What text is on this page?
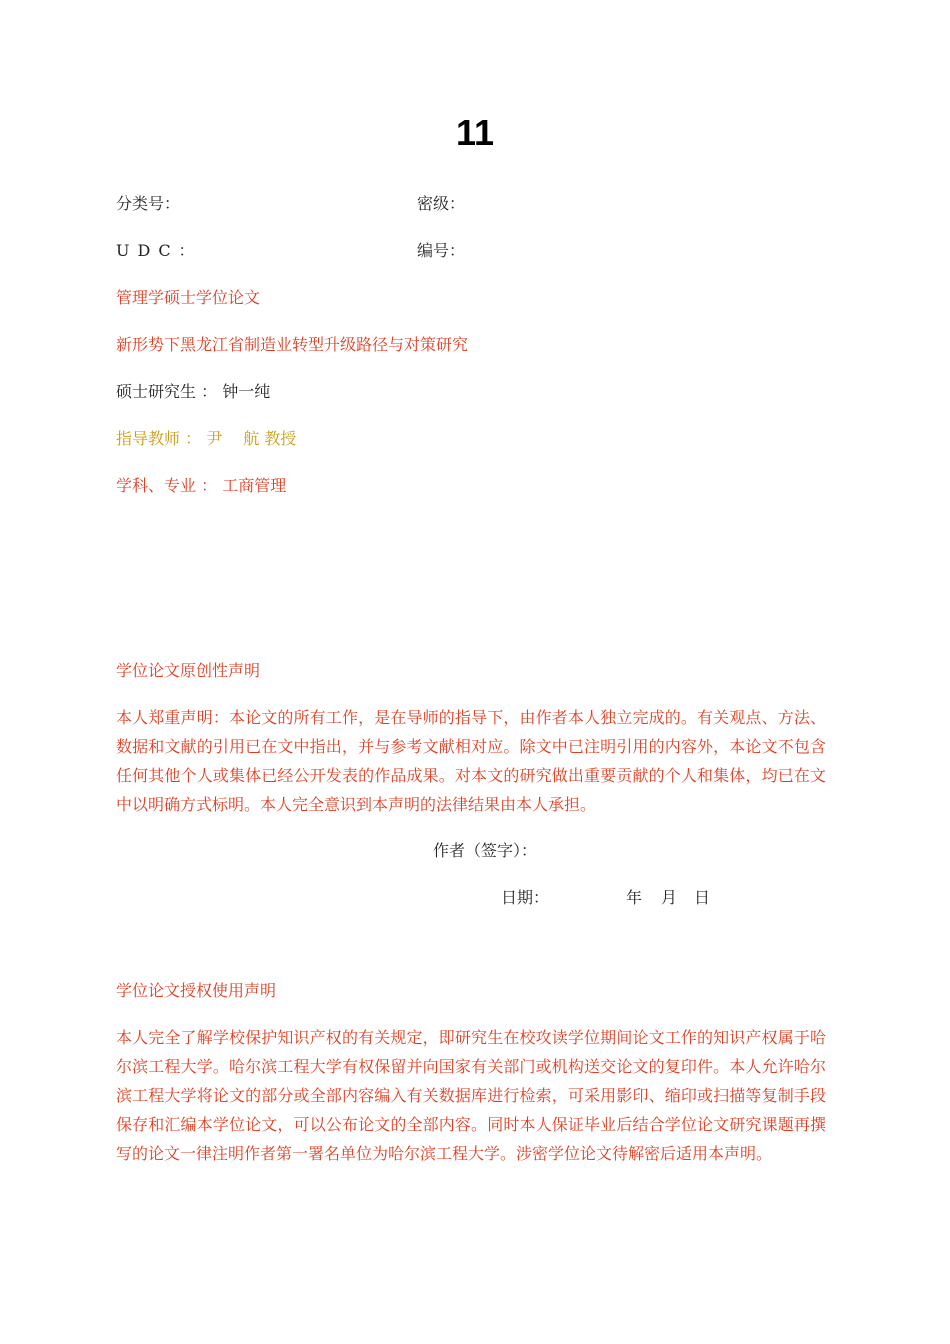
11
分类号：	密级：
UDC：	编号：
管理学硕士学位论文
新形势下黑龙江省制造业转型升级路径与对策研究
硕士研究生 ： 钟一纯
指导教师 ： 尹　 航 教授
学科、专业 ： 工商管理
学位论文原创性声明
本人郑重声明：本论文的所有工作，是在导师的指导下，由作者本人独立完成的。有关观点、方法、数据和文献的引用已在文中指出，并与参考文献相对应。除文中已注明引用的内容外，本论文不包含任何其他个人或集体已经公开发表的作品成果。对本文的研究做出重要贡献的个人和集体，均已在文中以明确方式标明。本人完全意识到本声明的法律结果由本人承担。
作者（签字）：
日期：	年 月 日
学位论文授权使用声明
本人完全了解学校保护知识产权的有关规定，即研究生在校攻读学位期间论文工作的知识产权属于哈尔滨工程大学。哈尔滨工程大学有权保留并向国家有关部门或机构送交论文的复印件。本人允许哈尔滨工程大学将论文的部分或全部内容编入有关数据库进行检索，可采用影印、缩印或扫描等复制手段保存和汇编本学位论文，可以公布论文的全部内容。同时本人保证毕业后结合学位论文研究课题再撰写的论文一律注明作者第一署名单位为哈尔滨工程大学。涉密学位论文待解密后适用本声明。
